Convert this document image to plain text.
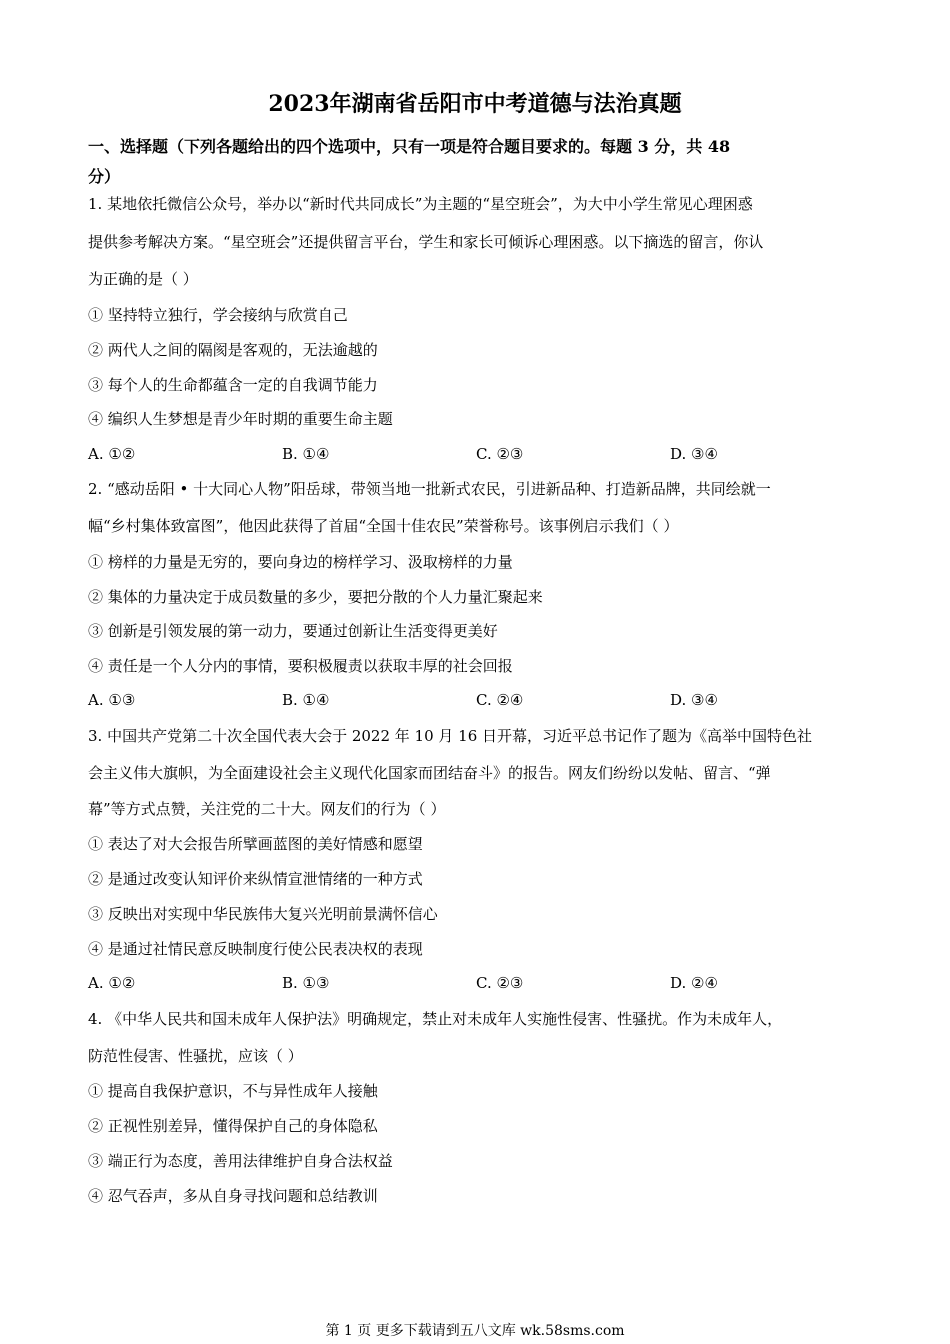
2023年湖南省岳阳市中考道德与法治真题
一、选择题（下列各题给出的四个选项中，只有一项是符合题目要求的。每题 3 分，共 48
分）
1. 某地依托微信公众号，举办以“新时代共同成长”为主题的“星空班会”，为大中小学生常见心理困惑
提供参考解决方案。“星空班会”还提供留言平台，学生和家长可倾诉心理困惑。以下摘选的留言，你认
为正确的是（ ）
① 坚持特立独行，学会接纳与欣赏自己
② 两代人之间的隔阂是客观的，无法逾越的
③ 每个人的生命都蕴含一定的自我调节能力
④ 编织人生梦想是青少年时期的重要生命主题
A. ①②	B. ①④	C. ②③	D. ③④
2. “感动岳阳 • 十大同心人物”阳岳球，带领当地一批新式农民，引进新品种、打造新品牌，共同绘就一
幅“乡村集体致富图”，他因此获得了首届“全国十佳农民”荣誉称号。该事例启示我们（ ）
① 榜样的力量是无穷的，要向身边的榜样学习、汲取榜样的力量
② 集体的力量决定于成员数量的多少，要把分散的个人力量汇聚起来
③ 创新是引领发展的第一动力，要通过创新让生活变得更美好
④ 责任是一个人分内的事情，要积极履责以获取丰厚的社会回报
A. ①③	B. ①④	C. ②④	D. ③④
3. 中国共产党第二十次全国代表大会于 2022 年 10 月 16 日开幕，习近平总书记作了题为《高举中国特色社
会主义伟大旗帜，为全面建设社会主义现代化国家而团结奋斗》的报告。网友们纷纷以发帖、留言、“弹
幕”等方式点赞，关注党的二十大。网友们的行为（ ）
① 表达了对大会报告所擘画蓝图的美好情感和愿望
② 是通过改变认知评价来纵情宣泄情绪的一种方式
③ 反映出对实现中华民族伟大复兴光明前景满怀信心
④ 是通过社情民意反映制度行使公民表决权的表现
A. ①②	B. ①③	C. ②③	D. ②④
4. 《中华人民共和国未成年人保护法》明确规定，禁止对未成年人实施性侵害、性骚扰。作为未成年人，
防范性侵害、性骚扰，应该（ ）
① 提高自我保护意识，不与异性成年人接触
② 正视性别差异，懂得保护自己的身体隐私
③ 端正行为态度，善用法律维护自身合法权益
④ 忍气吞声，多从自身寻找问题和总结教训
第 1 页 更多下载请到五八文库 wk.58sms.com
